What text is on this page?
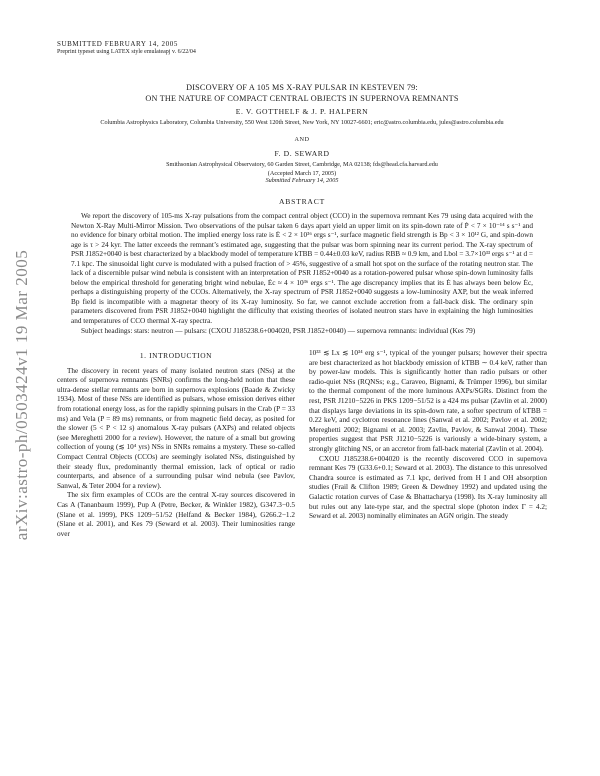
arXiv:astro-ph/0503424v1 19 Mar 2005
SUBMITTED FEBRUARY 14, 2005
Preprint typeset using LATEX style emulateapj v. 6/22/04
DISCOVERY OF A 105 MS X-RAY PULSAR IN KESTEVEN 79:
ON THE NATURE OF COMPACT CENTRAL OBJECTS IN SUPERNOVA REMNANTS
E. V. GOTTHELF & J. P. HALPERN
Columbia Astrophysics Laboratory, Columbia University, 550 West 120th Street, New York, NY 10027-6601; eric@astro.columbia.edu, jules@astro.columbia.edu
AND
F. D. SEWARD
Smithsonian Astrophysical Observatory, 60 Garden Street, Cambridge, MA 02138; fds@head.cfa.harvard.edu
(Accepted March 17, 2005)
Submitted February 14, 2005
ABSTRACT
We report the discovery of 105-ms X-ray pulsations from the compact central object (CCO) in the supernova remnant Kes 79 using data acquired with the Newton X-Ray Multi-Mirror Mission. Two observations of the pulsar taken 6 days apart yield an upper limit on its spin-down rate of Ṗ < 7 × 10⁻¹⁴ s s⁻¹ and no evidence for binary orbital motion. The implied energy loss rate is Ė < 2 × 10³⁶ ergs s⁻¹, surface magnetic field strength is Bp < 3 × 10¹² G, and spin-down age is τ > 24 kyr. The latter exceeds the remnant’s estimated age, suggesting that the pulsar was born spinning near its current period. The X-ray spectrum of PSR J1852+0040 is best characterized by a blackbody model of temperature kTBB = 0.44±0.03 keV, radius RBB ≈ 0.9 km, and Lbol = 3.7×10³³ ergs s⁻¹ at d = 7.1 kpc. The sinusoidal light curve is modulated with a pulsed fraction of > 45%, suggestive of a small hot spot on the surface of the rotating neutron star. The lack of a discernible pulsar wind nebula is consistent with an interpretation of PSR J1852+0040 as a rotation-powered pulsar whose spin-down luminosity falls below the empirical threshold for generating bright wind nebulae, Ėc ≈ 4 × 10³⁶ ergs s⁻¹. The age discrepancy implies that its Ė has always been below Ėc, perhaps a distinguishing property of the CCOs. Alternatively, the X-ray spectrum of PSR J1852+0040 suggests a low-luminosity AXP, but the weak inferred Bp field is incompatible with a magnetar theory of its X-ray luminosity. So far, we cannot exclude accretion from a fall-back disk. The ordinary spin parameters discovered from PSR J1852+0040 highlight the difficulty that existing theories of isolated neutron stars have in explaining the high luminosities and temperatures of CCO thermal X-ray spectra.
Subject headings: stars: neutron — pulsars: (CXOU J185238.6+004020, PSR J1852+0040) — supernova remnants: individual (Kes 79)
1. INTRODUCTION

The discovery in recent years of many isolated neutron stars (NSs) at the centers of supernova remnants (SNRs) confirms the long-held notion that these ultra-dense stellar remnants are born in supernova explosions (Baade & Zwicky 1934). Most of these NSs are identified as pulsars, whose emission derives either from rotational energy loss, as for the rapidly spinning pulsars in the Crab (P = 33 ms) and Vela (P = 89 ms) remnants, or from magnetic field decay, as posited for the slower (5 < P < 12 s) anomalous X-ray pulsars (AXPs) and related objects (see Mereghetti 2000 for a review). However, the nature of a small but growing collection of young (≲ 10⁴ yrs) NSs in SNRs remains a mystery. These so-called Compact Central Objects (CCOs) are seemingly isolated NSs, distinguished by their steady flux, predominantly thermal emission, lack of optical or radio counterparts, and absence of a surrounding pulsar wind nebula (see Pavlov, Sanwal, & Teter 2004 for a review).

The six firm examples of CCOs are the central X-ray sources discovered in Cas A (Tananbaum 1999), Pup A (Petre, Becker, & Winkler 1982), G347.3−0.5 (Slane et al. 1999), PKS 1209−51/52 (Helfand & Becker 1984), G266.2−1.2 (Slane et al. 2001), and Kes 79 (Seward et al. 2003). Their luminosities range over

10³³ ≲ Lx ≲ 10³⁴ erg s⁻¹, typical of the younger pulsars; however their spectra are best characterized as hot blackbody emission of kTBB ∼ 0.4 keV, rather than by power-law models. This is significantly hotter than radio pulsars or other radio-quiet NSs (RQNSs; e.g., Caraveo, Bignami, & Trümper 1996), but similar to the thermal component of the more luminous AXPs/SGRs. Distinct from the rest, PSR J1210−5226 in PKS 1209−51/52 is a 424 ms pulsar (Zavlin et al. 2000) that displays large deviations in its spin-down rate, a softer spectrum of kTBB = 0.22 keV, and cyclotron resonance lines (Sanwal et al. 2002; Pavlov et al. 2002; Mereghetti 2002; Bignami et al. 2003; Zavlin, Pavlov, & Sanwal 2004). These properties suggest that PSR J1210−5226 is variously a wide-binary system, a strongly glitching NS, or an accretor from fall-back material (Zavlin et al. 2004).

CXOU J185238.6+004020 is the recently discovered CCO in supernova remnant Kes 79 (G33.6+0.1; Seward et al. 2003). The distance to this unresolved Chandra source is estimated as 7.1 kpc, derived from H I and OH absorption studies (Frail & Clifton 1989; Green & Dewdney 1992) and updated using the Galactic rotation curves of Case & Bhattacharya (1998). Its X-ray luminosity all but rules out any late-type star, and the spectral slope (photon index Γ = 4.2; Seward et al. 2003) nominally eliminates an AGN origin. The steady
